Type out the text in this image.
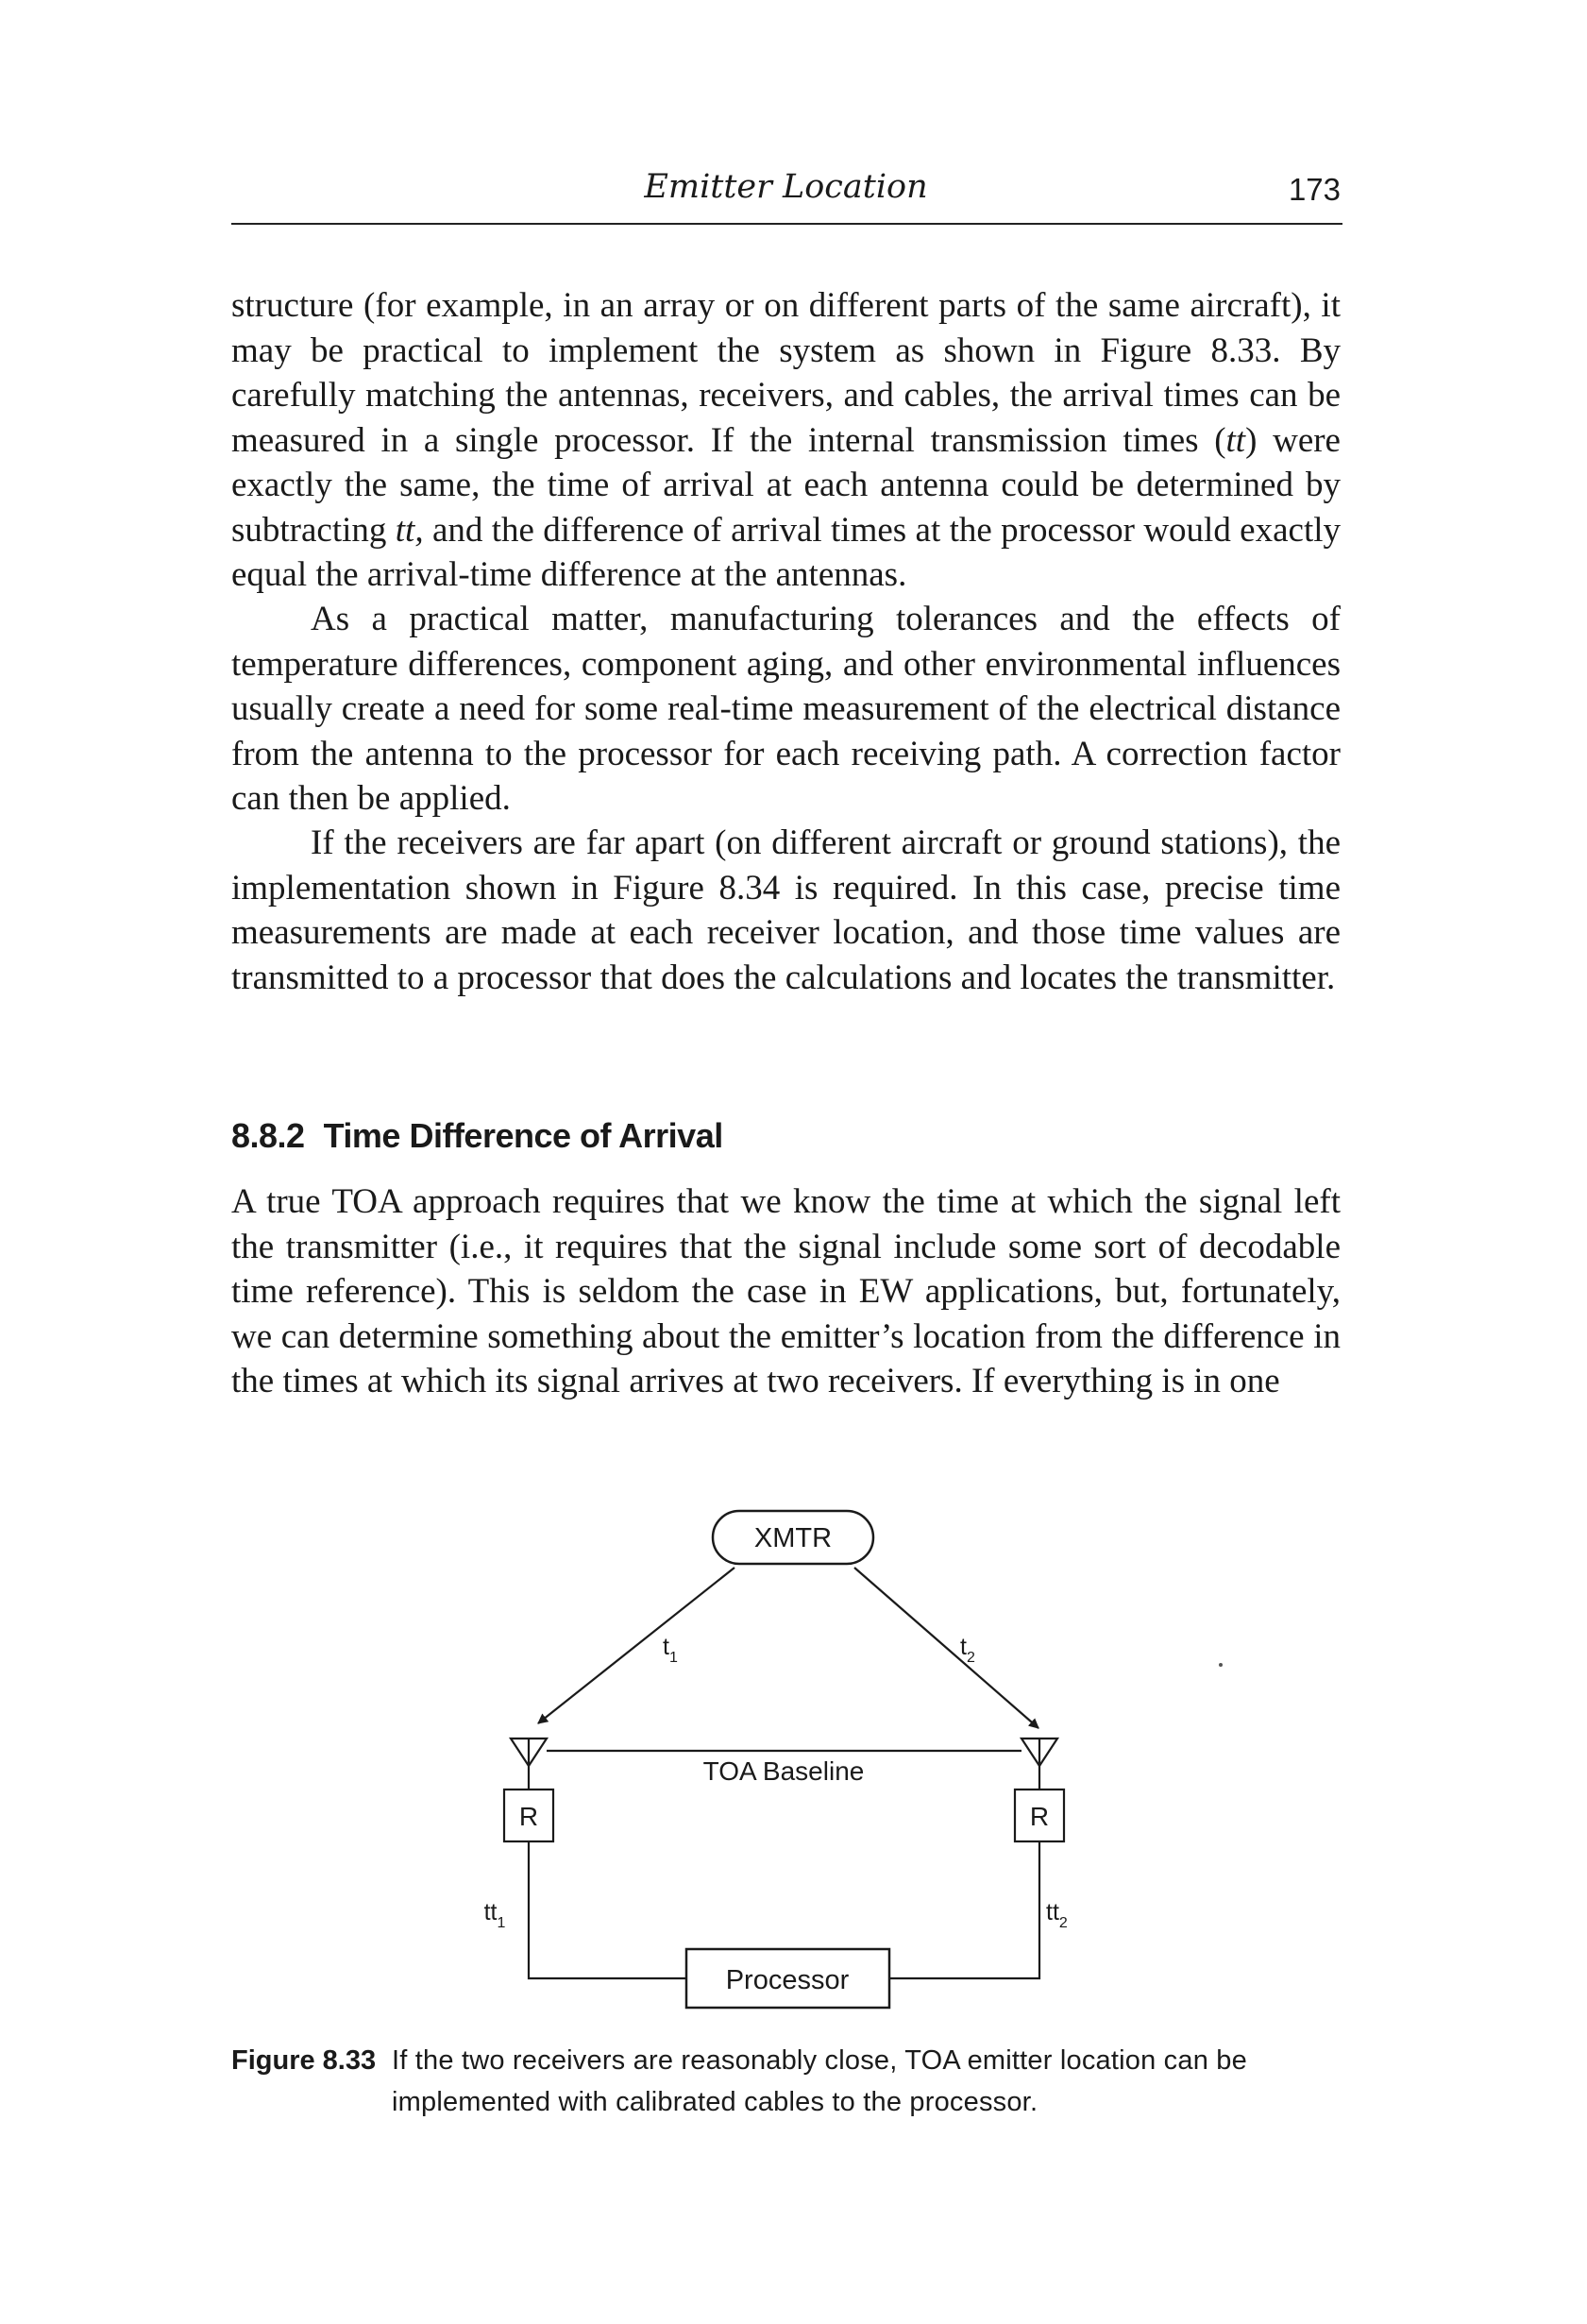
Emitter Location	173

structure (for example, in an array or on different parts of the same aircraft), it may be practical to implement the system as shown in Figure 8.33. By carefully matching the antennas, receivers, and cables, the arrival times can be measured in a single processor. If the internal transmission times (tt) were exactly the same, the time of arrival at each antenna could be determined by subtracting tt, and the difference of arrival times at the processor would exactly equal the arrival-time difference at the antennas.

As a practical matter, manufacturing tolerances and the effects of temperature differences, component aging, and other environmental influences usually create a need for some real-time measurement of the electrical distance from the antenna to the processor for each receiving path. A correction factor can then be applied.

If the receivers are far apart (on different aircraft or ground stations), the implementation shown in Figure 8.34 is required. In this case, precise time measurements are made at each receiver location, and those time values are transmitted to a processor that does the calculations and locates the transmitter.

8.8.2 Time Difference of Arrival

A true TOA approach requires that we know the time at which the signal left the transmitter (i.e., it requires that the signal include some sort of decodable time reference). This is seldom the case in EW applications, but, fortunately, we can determine something about the emitter’s location from the difference in the times at which its signal arrives at two receivers. If everything is in one

XMTR
$t_1$	$t_2$
TOA Baseline
R	R
$tt_1$	$tt_2$
Processor
Figure 8.33 If the two receivers are reasonably close, TOA emitter location can be implemented with calibrated cables to the processor.
